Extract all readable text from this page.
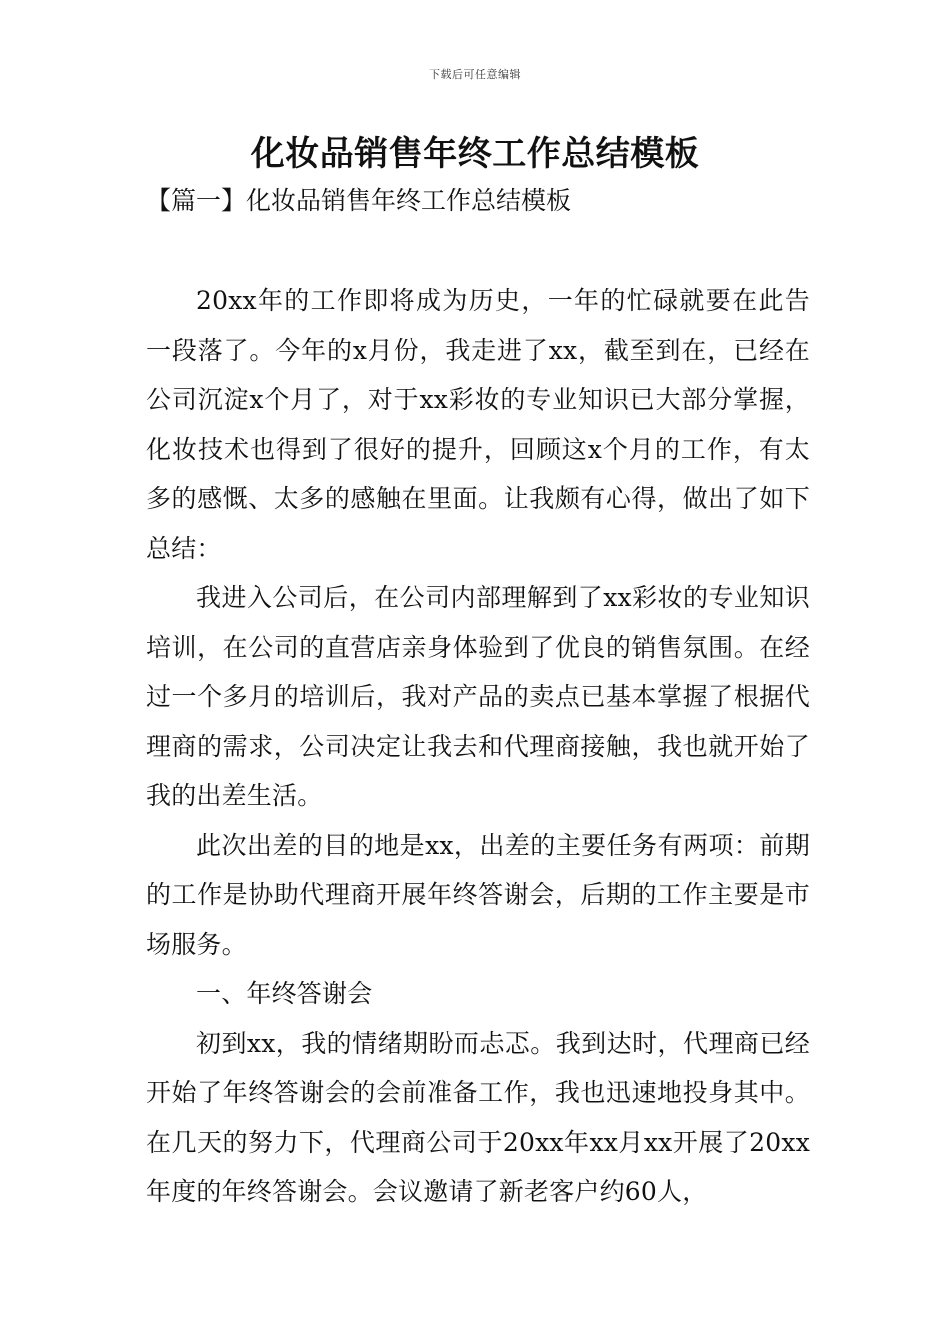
下载后可任意编辑
化妆品销售年终工作总结模板
【篇一】化妆品销售年终工作总结模板

20xx年的工作即将成为历史，一年的忙碌就要在此告一段落了。今年的x月份，我走进了xx，截至到在，已经在公司沉淀x个月了，对于xx彩妆的专业知识已大部分掌握，化妆技术也得到了很好的提升，回顾这x个月的工作，有太多的感慨、太多的感触在里面。让我颇有心得，做出了如下总结：

我进入公司后，在公司内部理解到了xx彩妆的专业知识培训，在公司的直营店亲身体验到了优良的销售氛围。在经过一个多月的培训后，我对产品的卖点已基本掌握了根据代理商的需求，公司决定让我去和代理商接触，我也就开始了我的出差生活。

此次出差的目的地是xx，出差的主要任务有两项：前期的工作是协助代理商开展年终答谢会，后期的工作主要是市场服务。

一、年终答谢会

初到xx，我的情绪期盼而忐忑。我到达时，代理商已经开始了年终答谢会的会前准备工作，我也迅速地投身其中。在几天的努力下，代理商公司于20xx年xx月xx开展了20xx年度的年终答谢会。会议邀请了新老客户约60人，
